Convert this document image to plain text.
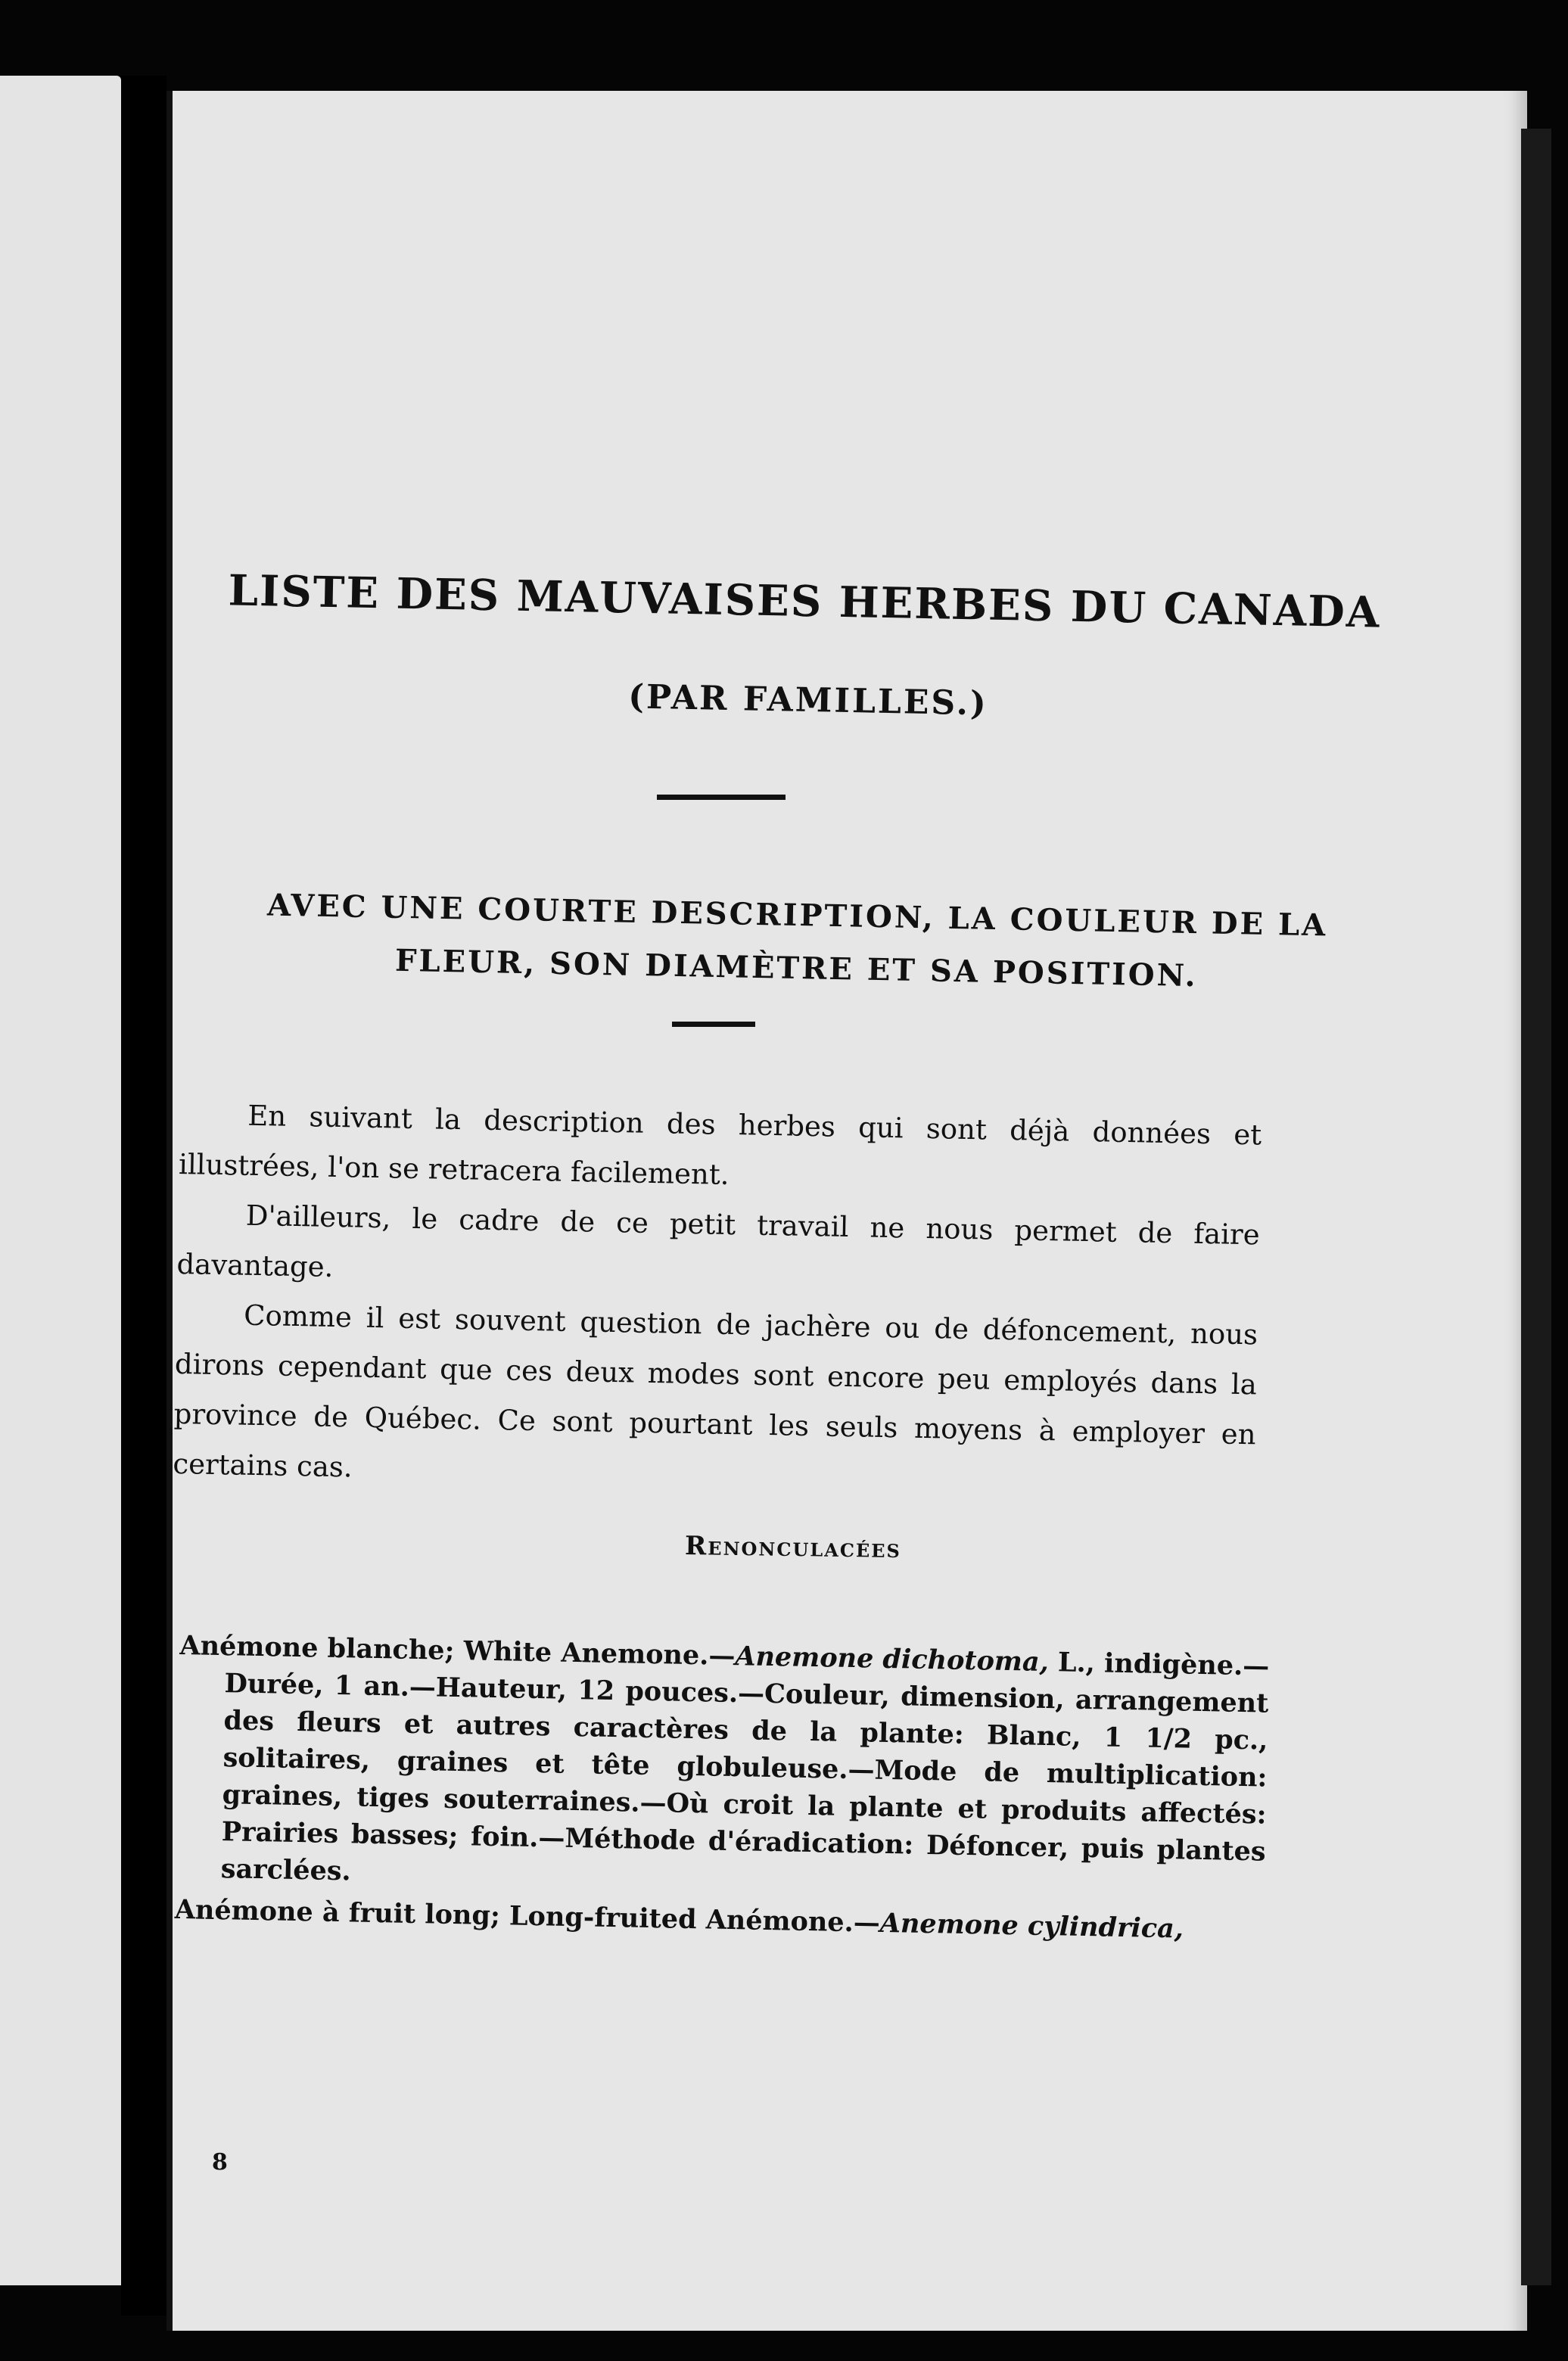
LISTE DES MAUVAISES HERBES DU CANADA
(PAR FAMILLES.)
AVEC UNE COURTE DESCRIPTION, LA COULEUR DE LA
FLEUR, SON DIAMÈTRE ET SA POSITION.

En suivant la description des herbes qui sont déjà données et illustrées, l'on se retracera facilement.

D'ailleurs, le cadre de ce petit travail ne nous permet de faire davantage.

Comme il est souvent question de jachère ou de défoncement, nous dirons cependant que ces deux modes sont encore peu employés dans la province de Québec. Ce sont pourtant les seuls moyens à employer en certains cas.

Renonculacées

Anémone blanche; White Anemone.—Anemone dichotoma, L., indigène.—Durée, 1 an.—Hauteur, 12 pouces.—Couleur, dimension, arrangement des fleurs et autres caractères de la plante: Blanc, 1 1/2 pc., solitaires, graines et tête globuleuse.—Mode de multiplication: graines, tiges souterraines.—Où croit la plante et produits affectés: Prairies basses; foin.—Méthode d'éradication: Défoncer, puis plantes sarclées.

Anémone à fruit long; Long-fruited Anémone.—Anemone cylindrica,

8
